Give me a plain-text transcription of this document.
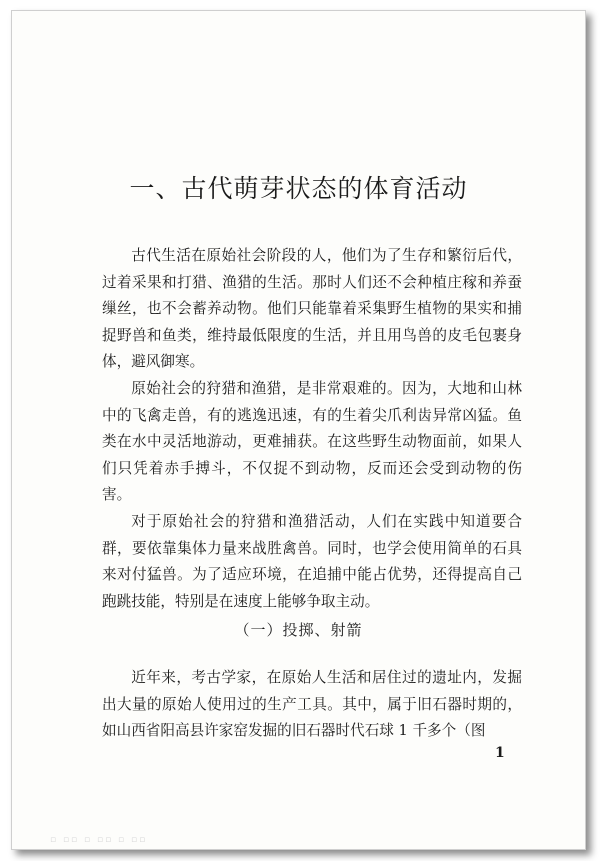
一、古代萌芽状态的体育活动

古代生活在原始社会阶段的人，他们为了生存和繁衍后代，过着采果和打猎、渔猎的生活。那时人们还不会种植庄稼和养蚕缫丝，也不会蓄养动物。他们只能靠着采集野生植物的果实和捕捉野兽和鱼类，维持最低限度的生活，并且用鸟兽的皮毛包裹身体，避风御寒。

原始社会的狩猎和渔猎，是非常艰难的。因为，大地和山林中的飞禽走兽，有的逃逸迅速，有的生着尖爪利齿异常凶猛。鱼类在水中灵活地游动，更难捕获。在这些野生动物面前，如果人们只凭着赤手搏斗，不仅捉不到动物，反而还会受到动物的伤害。

对于原始社会的狩猎和渔猎活动，人们在实践中知道要合群，要依靠集体力量来战胜禽兽。同时，也学会使用简单的石具来对付猛兽。为了适应环境，在追捕中能占优势，还得提高自己跑跳技能，特别是在速度上能够争取主动。

（一）投掷、射箭

近年来，考古学家，在原始人生活和居住过的遗址内，发掘出大量的原始人使用过的生产工具。其中，属于旧石器时期的，如山西省阳高县许家窑发掘的旧石器时代石球 1 千多个（图

1
▫ ▫▫ ▫ ▫▫ ▫ ▫▫
